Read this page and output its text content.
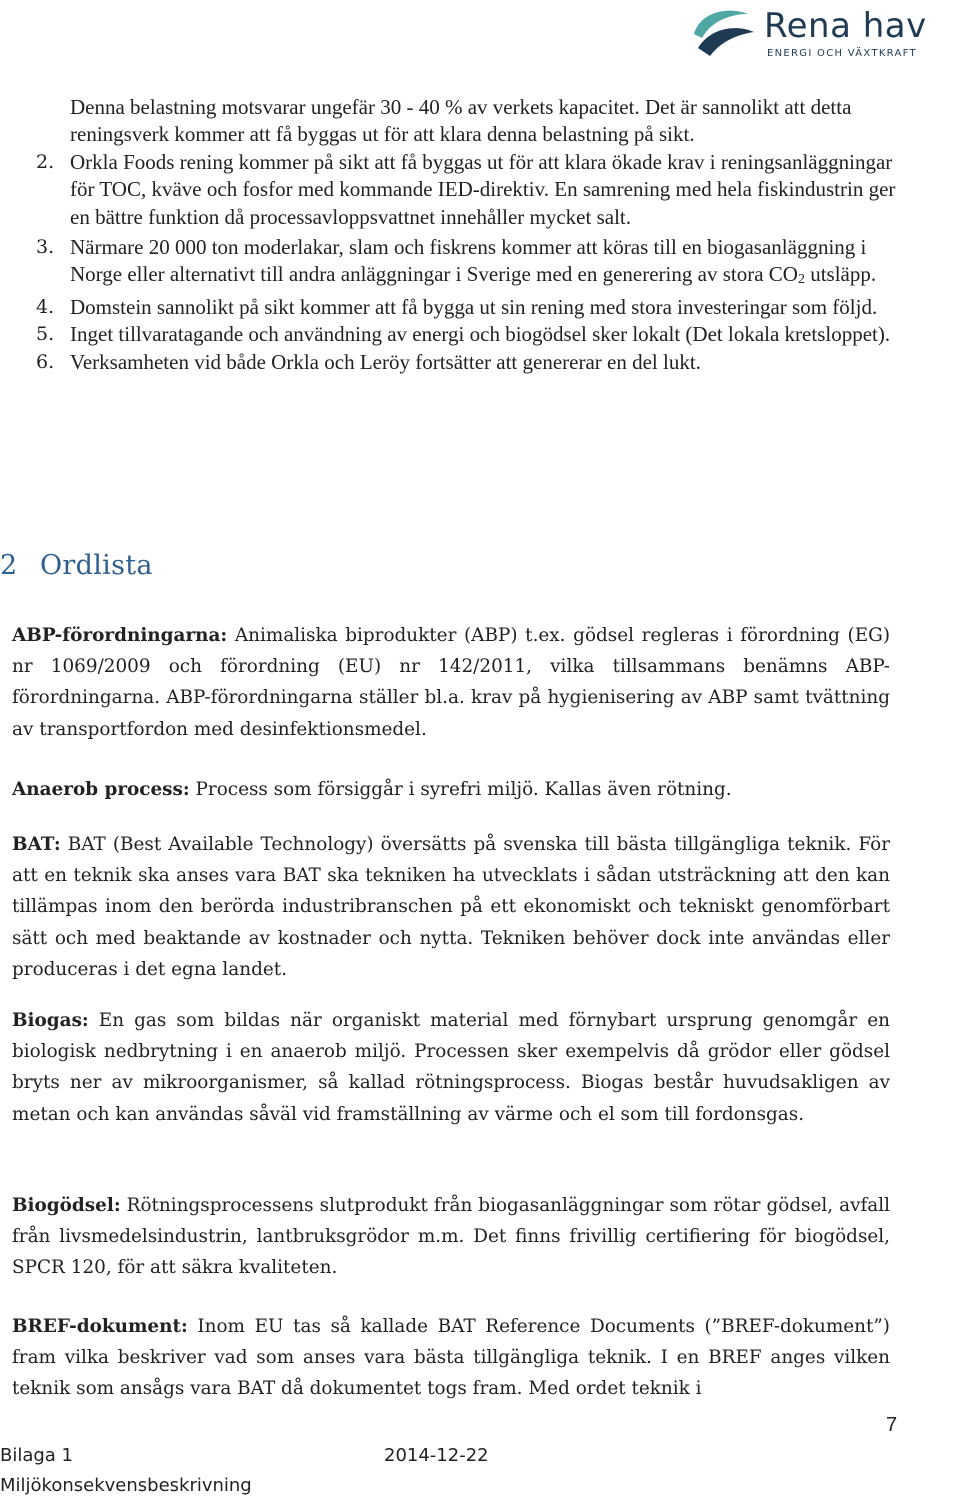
Rena hav
ENERGI OCH VÄXTKRAFT

Denna belastning motsvarar ungefär 30 - 40 % av verkets kapacitet. Det är sannolikt att detta reningsverk kommer att få byggas ut för att klara denna belastning på sikt.

2. Orkla Foods rening kommer på sikt att få byggas ut för att klara ökade krav i reningsanläggningar för TOC, kväve och fosfor med kommande IED-direktiv. En samrening med hela fiskindustrin ger en bättre funktion då processavloppsvattnet innehåller mycket salt.

3. Närmare 20 000 ton moderlakar, slam och fiskrens kommer att köras till en biogasanläggning i Norge eller alternativt till andra anläggningar i Sverige med en generering av stora $CO_2$ utsläpp.

4. Domstein sannolikt på sikt kommer att få bygga ut sin rening med stora investeringar som följd.

5. Inget tillvaratagande och användning av energi och biogödsel sker lokalt (Det lokala kretsloppet).

6. Verksamheten vid både Orkla och Leröy fortsätter att genererar en del lukt.

2 Ordlista

ABP-förordningarna: Animaliska biprodukter (ABP) t.ex. gödsel regleras i förordning (EG) nr 1069/2009 och förordning (EU) nr 142/2011, vilka tillsammans benämns ABP-förordningarna. ABP-förordningarna ställer bl.a. krav på hygienisering av ABP samt tvättning av transportfordon med desinfektionsmedel.

Anaerob process: Process som försiggår i syrefri miljö. Kallas även rötning.

BAT: BAT (Best Available Technology) översätts på svenska till bästa tillgängliga teknik. För att en teknik ska anses vara BAT ska tekniken ha utvecklats i sådan utsträckning att den kan tillämpas inom den berörda industribranschen på ett ekonomiskt och tekniskt genomförbart sätt och med beaktande av kostnader och nytta. Tekniken behöver dock inte användas eller produceras i det egna landet.

Biogas: En gas som bildas när organiskt material med förnybart ursprung genomgår en biologisk nedbrytning i en anaerob miljö. Processen sker exempelvis då grödor eller gödsel bryts ner av mikroorganismer, så kallad rötningsprocess. Biogas består huvudsakligen av metan och kan användas såväl vid framställning av värme och el som till fordonsgas.

Biogödsel: Rötningsprocessens slutprodukt från biogasanläggningar som rötar gödsel, avfall från livsmedelsindustrin, lantbruksgrödor m.m. Det finns frivillig certifiering för biogödsel, SPCR 120, för att säkra kvaliteten.

BREF-dokument: Inom EU tas så kallade BAT Reference Documents (”BREF-dokument”) fram vilka beskriver vad som anses vara bästa tillgängliga teknik. I en BREF anges vilken teknik som ansågs vara BAT då dokumentet togs fram. Med ordet teknik i

7
Bilaga 1
Miljökonsekvensbeskrivning
2014-12-22
